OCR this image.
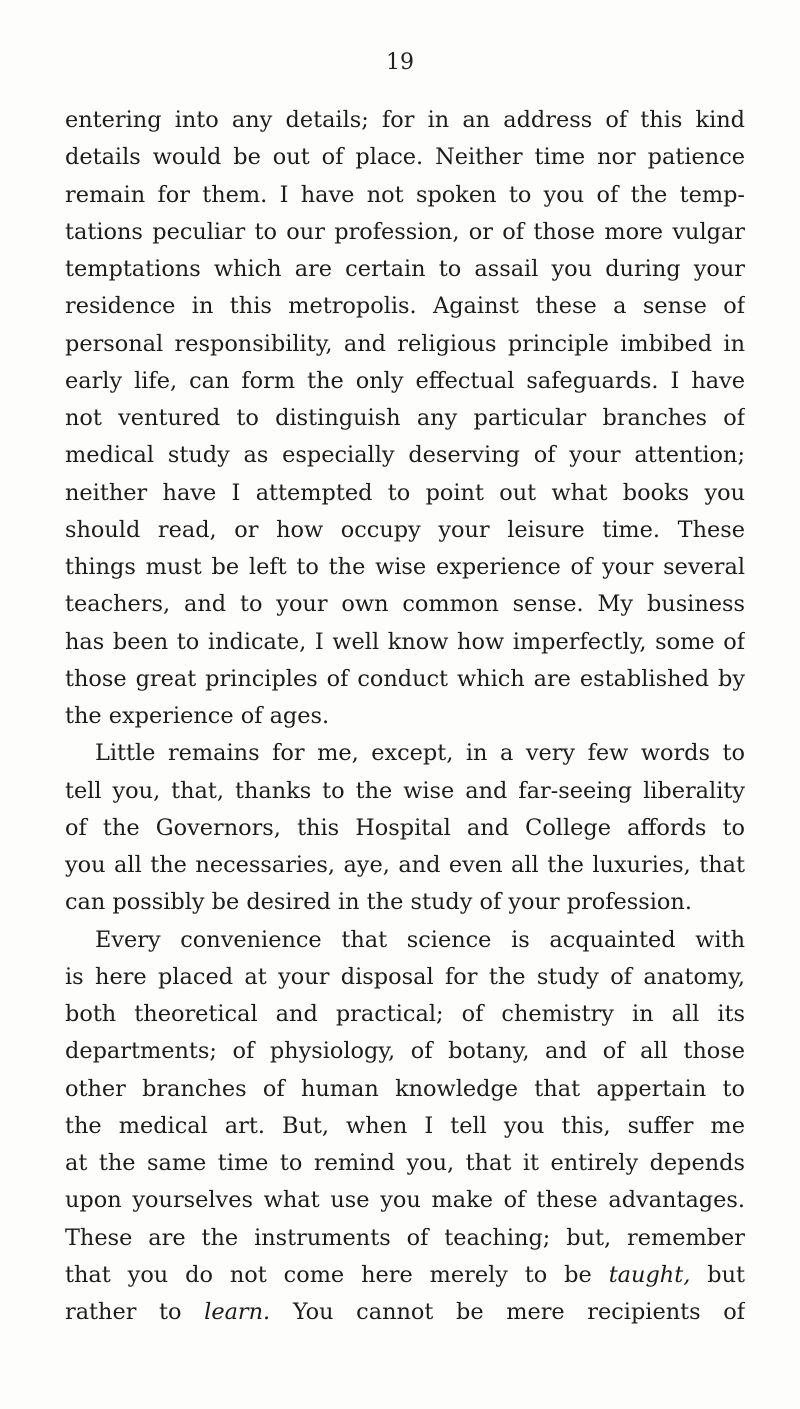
19
entering into any details; for in an address of this kind
details would be out of place. Neither time nor patience
remain for them. I have not spoken to you of the temp-
tations peculiar to our profession, or of those more vulgar
temptations which are certain to assail you during your
residence in this metropolis. Against these a sense of
personal responsibility, and religious principle imbibed in
early life, can form the only effectual safeguards. I have
not ventured to distinguish any particular branches of
medical study as especially deserving of your attention;
neither have I attempted to point out what books you
should read, or how occupy your leisure time. These
things must be left to the wise experience of your several
teachers, and to your own common sense. My business
has been to indicate, I well know how imperfectly, some of
those great principles of conduct which are established by
the experience of ages.
Little remains for me, except, in a very few words to
tell you, that, thanks to the wise and far-seeing liberality
of the Governors, this Hospital and College affords to
you all the necessaries, aye, and even all the luxuries, that
can possibly be desired in the study of your profession.
Every convenience that science is acquainted with
is here placed at your disposal for the study of anatomy,
both theoretical and practical; of chemistry in all its
departments; of physiology, of botany, and of all those
other branches of human knowledge that appertain to
the medical art. But, when I tell you this, suffer me
at the same time to remind you, that it entirely depends
upon yourselves what use you make of these advantages.
These are the instruments of teaching; but, remember
that you do not come here merely to be taught, but
rather to learn. You cannot be mere recipients of
